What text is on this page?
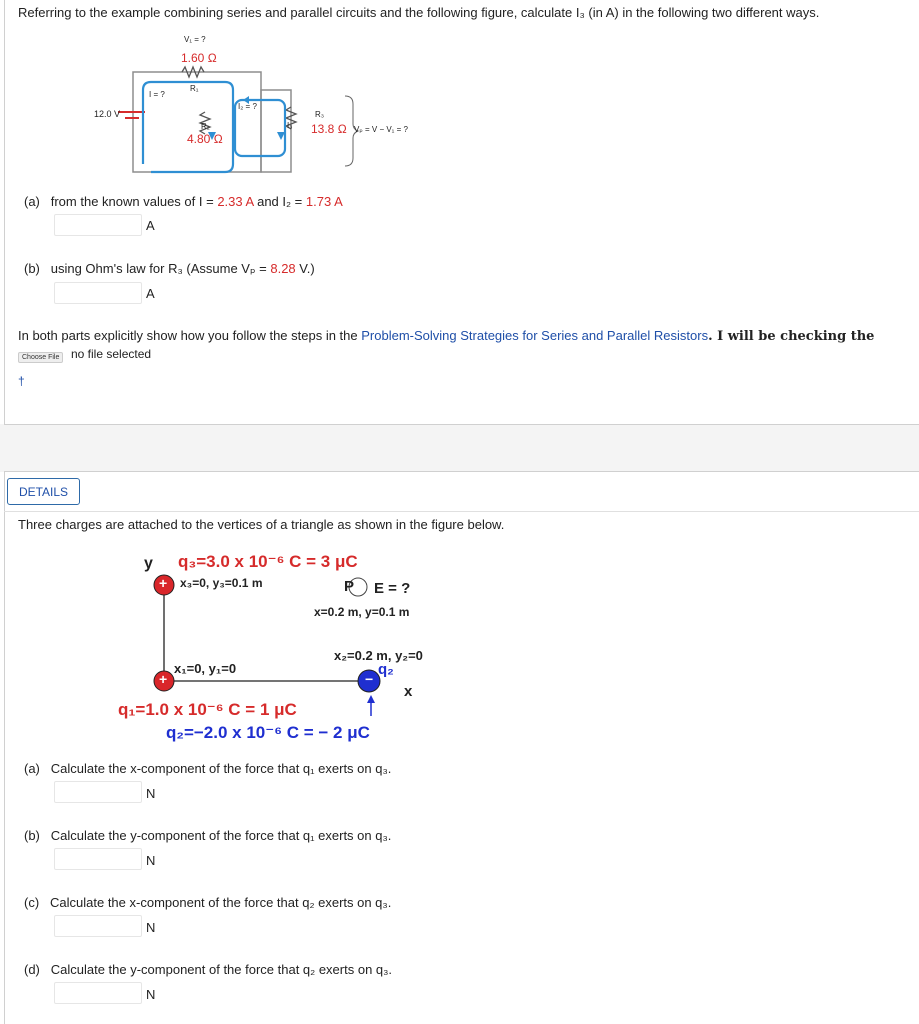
Referring to the example combining series and parallel circuits and the following figure, calculate I₃ (in A) in the following two different ways.
V₁ = ?
1.60 Ω
R₁
I = ?
12.0 V
I₂ = ?
R₂
4.80 Ω
I₃
R₃
13.8 Ω Vₚ = V − V₁ = ?
(a) from the known values of I = 2.33 A and I₂ = 1.73 A
A
(b) using Ohm's law for R₃ (Assume Vₚ = 8.28 V.)
A
In both parts explicitly show how you follow the steps in the Problem-Solving Strategies for Series and Parallel Resistors. I will be checking the
Choose File no file selected
†
DETAILS
Three charges are attached to the vertices of a triangle as shown in the figure below.
+
+	−
y q₃=3.0 x 10⁻⁶ C = 3 μC
x₃=0, y₃=0.1 m	P E = ?
x=0.2 m, y=0.1 m
x₂=0.2 m, y₂=0
q₂
x₁=0, y₁=0
x
q₁=1.0 x 10⁻⁶ C = 1 μC
q₂=−2.0 x 10⁻⁶ C = − 2 μC
(a) Calculate the x-component of the force that q₁ exerts on q₃.
N
(b) Calculate the y-component of the force that q₁ exerts on q₃.
N
(c) Calculate the x-component of the force that q₂ exerts on q₃.
N
(d) Calculate the y-component of the force that q₂ exerts on q₃.
N
